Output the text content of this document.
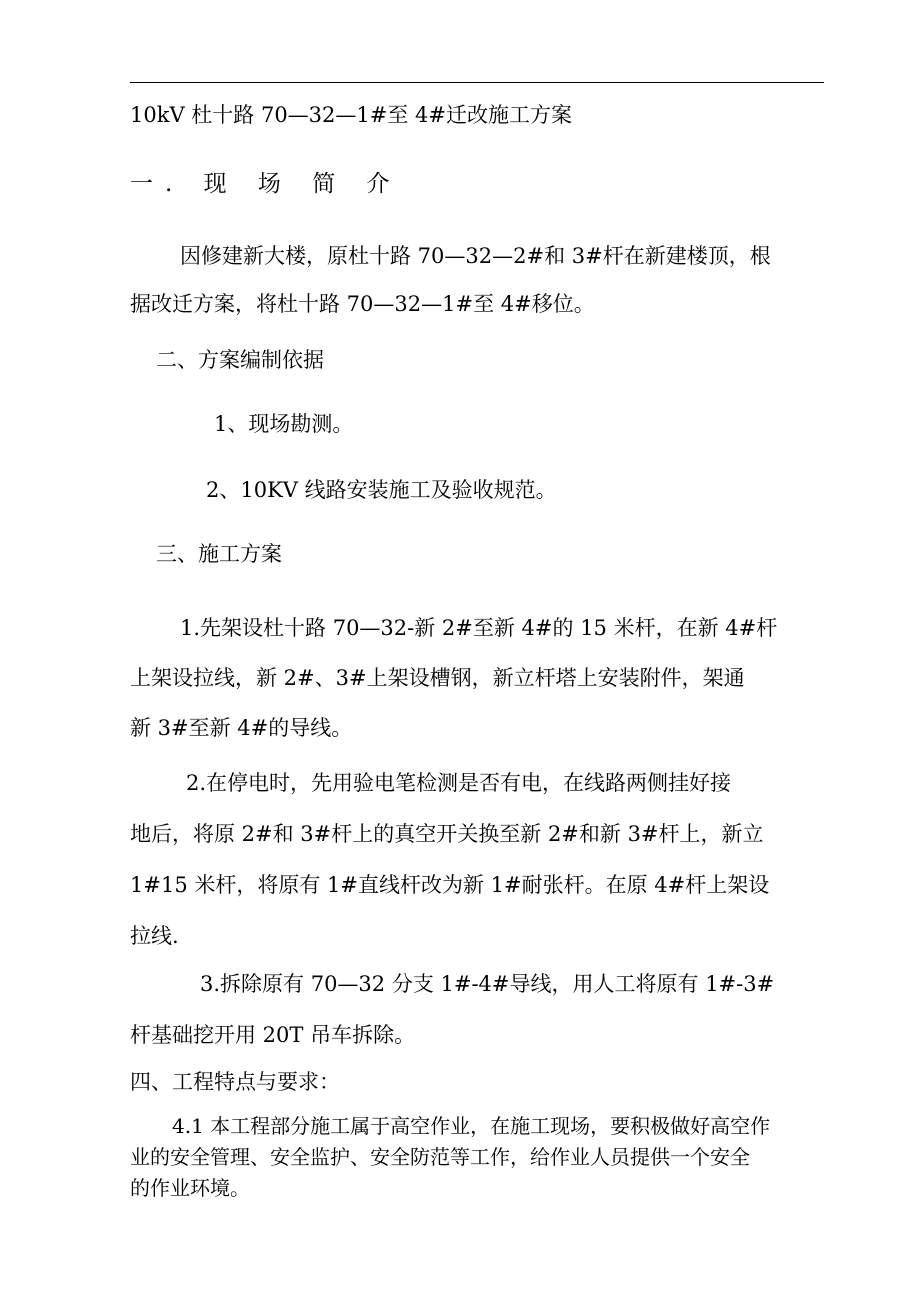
10kV 杜十路 70—32—1#至 4#迁改施工方案
一. 现 场 简 介
因修建新大楼，原杜十路 70—32—2#和 3#杆在新建楼顶，根
据改迁方案，将杜十路 70—32—1#至 4#移位。
二、方案编制依据
1、现场勘测。
2、10KV 线路安装施工及验收规范。
三、施工方案
1.先架设杜十路 70—32-新 2#至新 4#的 15 米杆，在新 4#杆
上架设拉线，新 2#、3#上架设槽钢，新立杆塔上安装附件，架通
新 3#至新 4#的导线。
2.在停电时，先用验电笔检测是否有电，在线路两侧挂好接
地后，将原 2#和 3#杆上的真空开关换至新 2#和新 3#杆上，新立
1#15 米杆，将原有 1#直线杆改为新 1#耐张杆。在原 4#杆上架设
拉线.
3.拆除原有 70—32 分支 1#-4#导线，用人工将原有 1#-3#
杆基础挖开用 20T 吊车拆除。
四、工程特点与要求：
4.1 本工程部分施工属于高空作业，在施工现场，要积极做好高空作
业的安全管理、安全监护、安全防范等工作，给作业人员提供一个安全
的作业环境。
